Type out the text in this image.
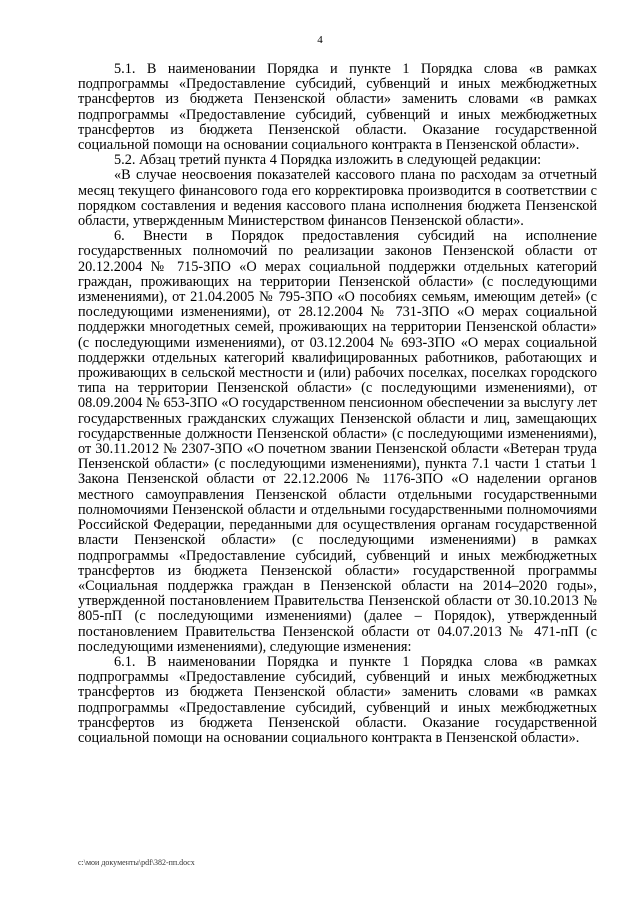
4

5.1. В наименовании Порядка и пункте 1 Порядка слова «в рамках подпрограммы «Предоставление субсидий, субвенций и иных межбюджетных трансфертов из бюджета Пензенской области» заменить словами «в рамках подпрограммы «Предоставление субсидий, субвенций и иных межбюджетных трансфертов из бюджета Пензенской области. Оказание государственной социальной помощи на основании социального контракта в Пензенской области».

5.2. Абзац третий пункта 4 Порядка изложить в следующей редакции:

«В случае неосвоения показателей кассового плана по расходам за отчетный месяц текущего финансового года его корректировка производится в соответствии с порядком составления и ведения кассового плана исполнения бюджета Пензенской области, утвержденным Министерством финансов Пензенской области».

6. Внести в Порядок предоставления субсидий на исполнение государственных полномочий по реализации законов Пензенской области от 20.12.2004 № 715-ЗПО «О мерах социальной поддержки отдельных категорий граждан, проживающих на территории Пензенской области» (с последующими изменениями), от 21.04.2005 № 795-ЗПО «О пособиях семьям, имеющим детей» (с последующими изменениями), от 28.12.2004 № 731-ЗПО «О мерах социальной поддержки многодетных семей, проживающих на территории Пензенской области» (с последующими изменениями), от 03.12.2004 № 693-ЗПО «О мерах социальной поддержки отдельных категорий квалифицированных работников, работающих и проживающих в сельской местности и (или) рабочих поселках, поселках городского типа на территории Пензенской области» (с последующими изменениями), от 08.09.2004 № 653-ЗПО «О государственном пенсионном обеспечении за выслугу лет государственных гражданских служащих Пензенской области и лиц, замещающих государственные должности Пензенской области» (с последующими изменениями), от 30.11.2012 № 2307-ЗПО «О почетном звании Пензенской области «Ветеран труда Пензенской области» (с последующими изменениями), пункта 7.1 части 1 статьи 1 Закона Пензенской области от 22.12.2006 № 1176-ЗПО «О наделении органов местного самоуправления Пензенской области отдельными государственными полномочиями Пензенской области и отдельными государственными полномочиями Российской Федерации, переданными для осуществления органам государственной власти Пензенской области» (с последующими изменениями) в рамках подпрограммы «Предоставление субсидий, субвенций и иных межбюджетных трансфертов из бюджета Пензенской области» государственной программы «Социальная поддержка граждан в Пензенской области на 2014–2020 годы», утвержденной постановлением Правительства Пензенской области от 30.10.2013 № 805-пП (с последующими изменениями) (далее – Порядок), утвержденный постановлением Правительства Пензенской области от 04.07.2013 № 471-пП (с последующими изменениями), следующие изменения:

6.1. В наименовании Порядка и пункте 1 Порядка слова «в рамках подпрограммы «Предоставление субсидий, субвенций и иных межбюджетных трансфертов из бюджета Пензенской области» заменить словами «в рамках подпрограммы «Предоставление субсидий, субвенций и иных межбюджетных трансфертов из бюджета Пензенской области. Оказание государственной социальной помощи на основании социального контракта в Пензенской области».

c:\мои документы\pdf\382-пп.docx
